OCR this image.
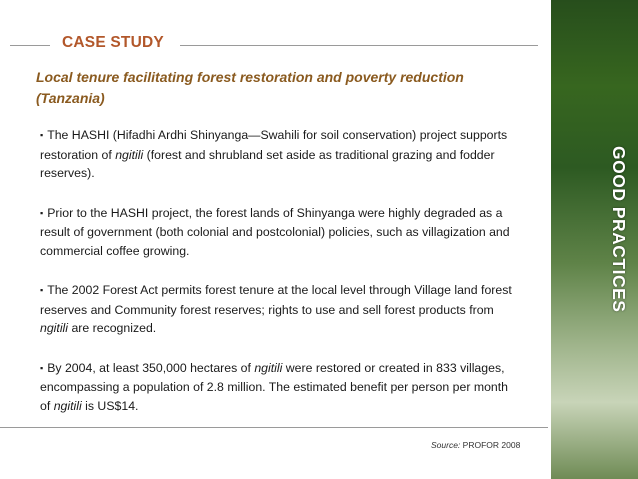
CASE STUDY
Local tenure facilitating forest restoration and poverty reduction
(Tanzania)

▪ The HASHI (Hifadhi Ardhi Shinyanga—Swahili for soil conservation) project supports restoration of ngitili (forest and shrubland set aside as traditional grazing and fodder reserves).

▪ Prior to the HASHI project, the forest lands of Shinyanga were highly degraded as a result of government (both colonial and postcolonial) policies, such as villagization and commercial coffee growing.

▪ The 2002 Forest Act permits forest tenure at the local level through Village land forest reserves and Community forest reserves; rights to use and sell forest products from ngitili are recognized.

▪ By 2004, at least 350,000 hectares of ngitili were restored or created in 833 villages, encompassing a population of 2.8 million. The estimated benefit per person per month of ngitili is US$14.

Source: PROFOR 2008
GOOD PRACTICES
